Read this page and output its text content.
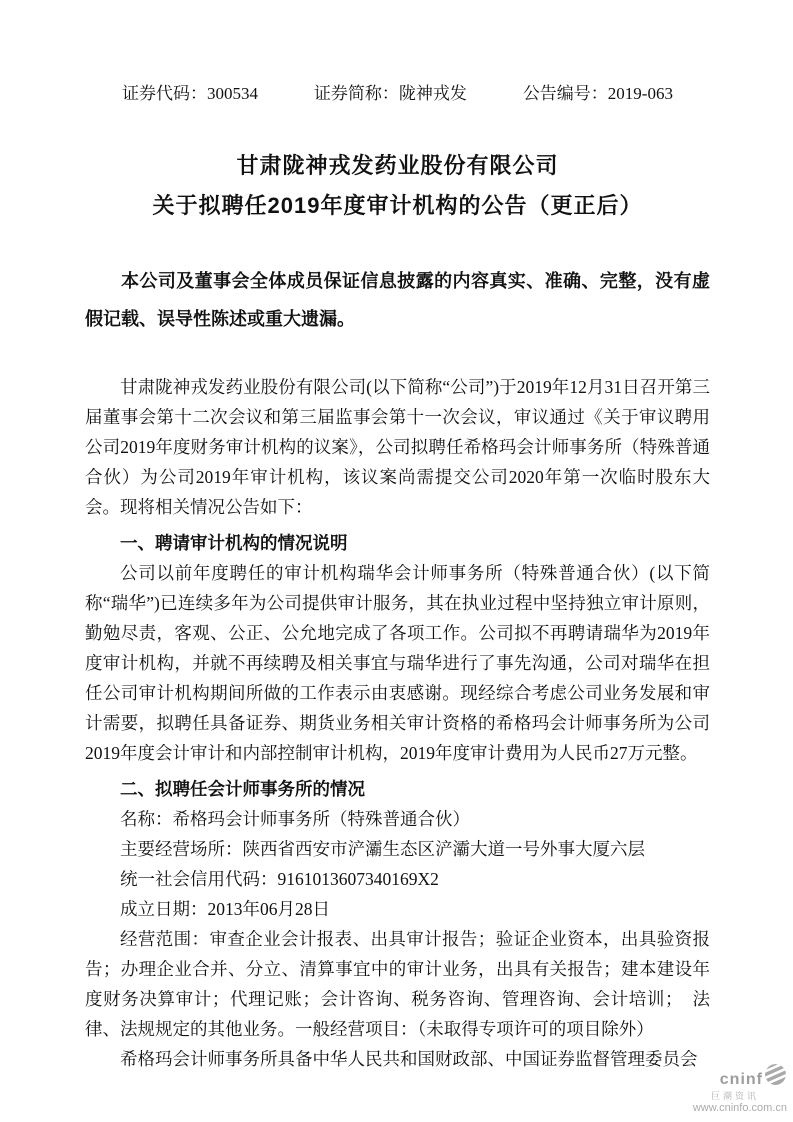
证券代码：300534	证券简称：陇神戎发	公告编号：2019-063
甘肃陇神戎发药业股份有限公司
关于拟聘任2019年度审计机构的公告（更正后）

本公司及董事会全体成员保证信息披露的内容真实、准确、完整，没有虚假记载、误导性陈述或重大遗漏。

甘肃陇神戎发药业股份有限公司(以下简称“公司”)于2019年12月31日召开第三届董事会第十二次会议和第三届监事会第十一次会议，审议通过《关于审议聘用公司2019年度财务审计机构的议案》，公司拟聘任希格玛会计师事务所（特殊普通合伙）为公司2019年审计机构，该议案尚需提交公司2020年第一次临时股东大会。现将相关情况公告如下：

一、聘请审计机构的情况说明

公司以前年度聘任的审计机构瑞华会计师事务所（特殊普通合伙）(以下简称“瑞华”)已连续多年为公司提供审计服务，其在执业过程中坚持独立审计原则，勤勉尽责，客观、公正、公允地完成了各项工作。公司拟不再聘请瑞华为2019年度审计机构，并就不再续聘及相关事宜与瑞华进行了事先沟通，公司对瑞华在担任公司审计机构期间所做的工作表示由衷感谢。现经综合考虑公司业务发展和审计需要，拟聘任具备证券、期货业务相关审计资格的希格玛会计师事务所为公司2019年度会计审计和内部控制审计机构，2019年度审计费用为人民币27万元整。

二、拟聘任会计师事务所的情况

名称：希格玛会计师事务所（特殊普通合伙）

主要经营场所：陕西省西安市浐灞生态区浐灞大道一号外事大厦六层

统一社会信用代码：9161013607340169X2

成立日期：2013年06月28日

经营范围：审查企业会计报表、出具审计报告；验证企业资本，出具验资报告；办理企业合并、分立、清算事宜中的审计业务，出具有关报告；建本建设年度财务决算审计；代理记账；会计咨询、税务咨询、管理咨询、会计培训；　法律、法规规定的其他业务。一般经营项目：（未取得专项许可的项目除外）

希格玛会计师事务所具备中华人民共和国财政部、中国证券监督管理委员会

cninf
巨潮资讯
www.cninfo.com.cn
